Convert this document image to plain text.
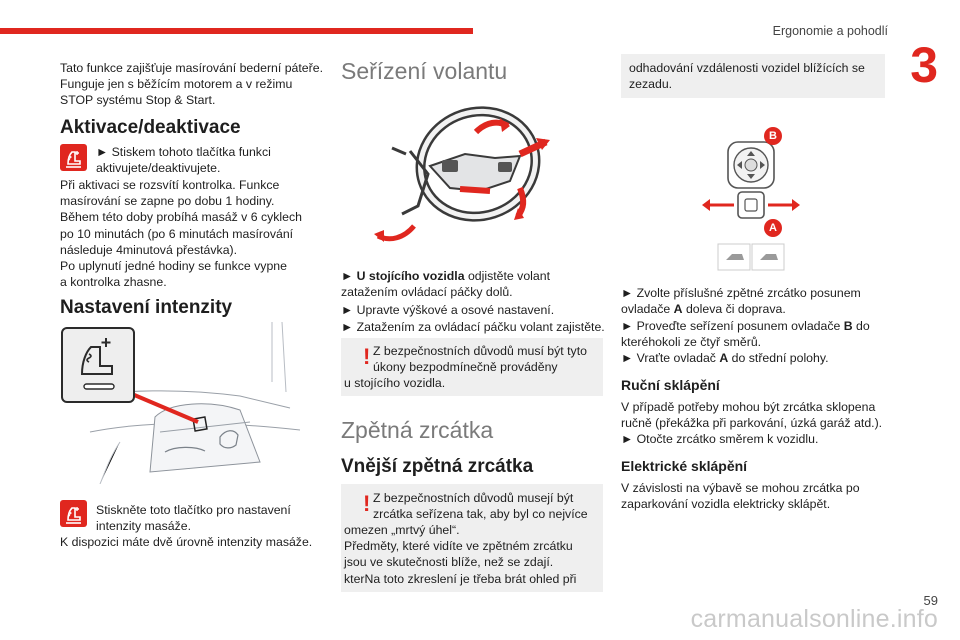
Ergonomie a pohodlí
3
Tato funkce zajišťuje masírování bederní páteře.
Funguje jen s běžícím motorem a v režimu
STOP systému Stop & Start.
Aktivace/deaktivace
► Stiskem tohoto tlačítka funkci
aktivujete/deaktivujete.
Při aktivaci se rozsvítí kontrolka. Funkce
masírování se zapne po dobu 1 hodiny.
Během této doby probíhá masáž v 6 cyklech
po 10 minutách (po 6 minutách masírování
následuje 4minutová přestávka).
Po uplynutí jedné hodiny se funkce vypne
a kontrolka zhasne.
Nastavení intenzity
Stiskněte toto tlačítko pro nastavení
intenzity masáže.
K dispozici máte dvě úrovně intenzity masáže.
Seřízení volantu
► U stojícího vozidla odjistěte volant
zatažením ovládací páčky dolů.
► Upravte výškové a osové nastavení.
► Zatažením za ovládací páčku volant zajistěte.
! Z bezpečnostních důvodů musí být tyto
úkony bezpodmínečně prováděny
u stojícího vozidla.
Zpětná zrcátka
Vnější zpětná zrcátka
! Z bezpečnostních důvodů musejí být
zrcátka seřízena tak, aby byl co nejvíce
omezen „mrtvý úhel“.
Předměty, které vidíte ve zpětném zrcátku
jsou ve skutečnosti blíže, než se zdají.
kterNa toto zkreslení je třeba brát ohled při
odhadování vzdálenosti vozidel blížících se
zezadu.
B
A
► Zvolte příslušné zpětné zrcátko posunem
ovladače A doleva či doprava.
► Proveďte seřízení posunem ovladače B do
kteréhokoli ze čtyř směrů.
► Vraťte ovladač A do střední polohy.
Ruční sklápění
V případě potřeby mohou být zrcátka sklopena
ručně (překážka při parkování, úzká garáž atd.).
► Otočte zrcátko směrem k vozidlu.
Elektrické sklápění
V závislosti na výbavě se mohou zrcátka po
zaparkování vozidla elektricky sklápět.
carmanualsonline.info
59
